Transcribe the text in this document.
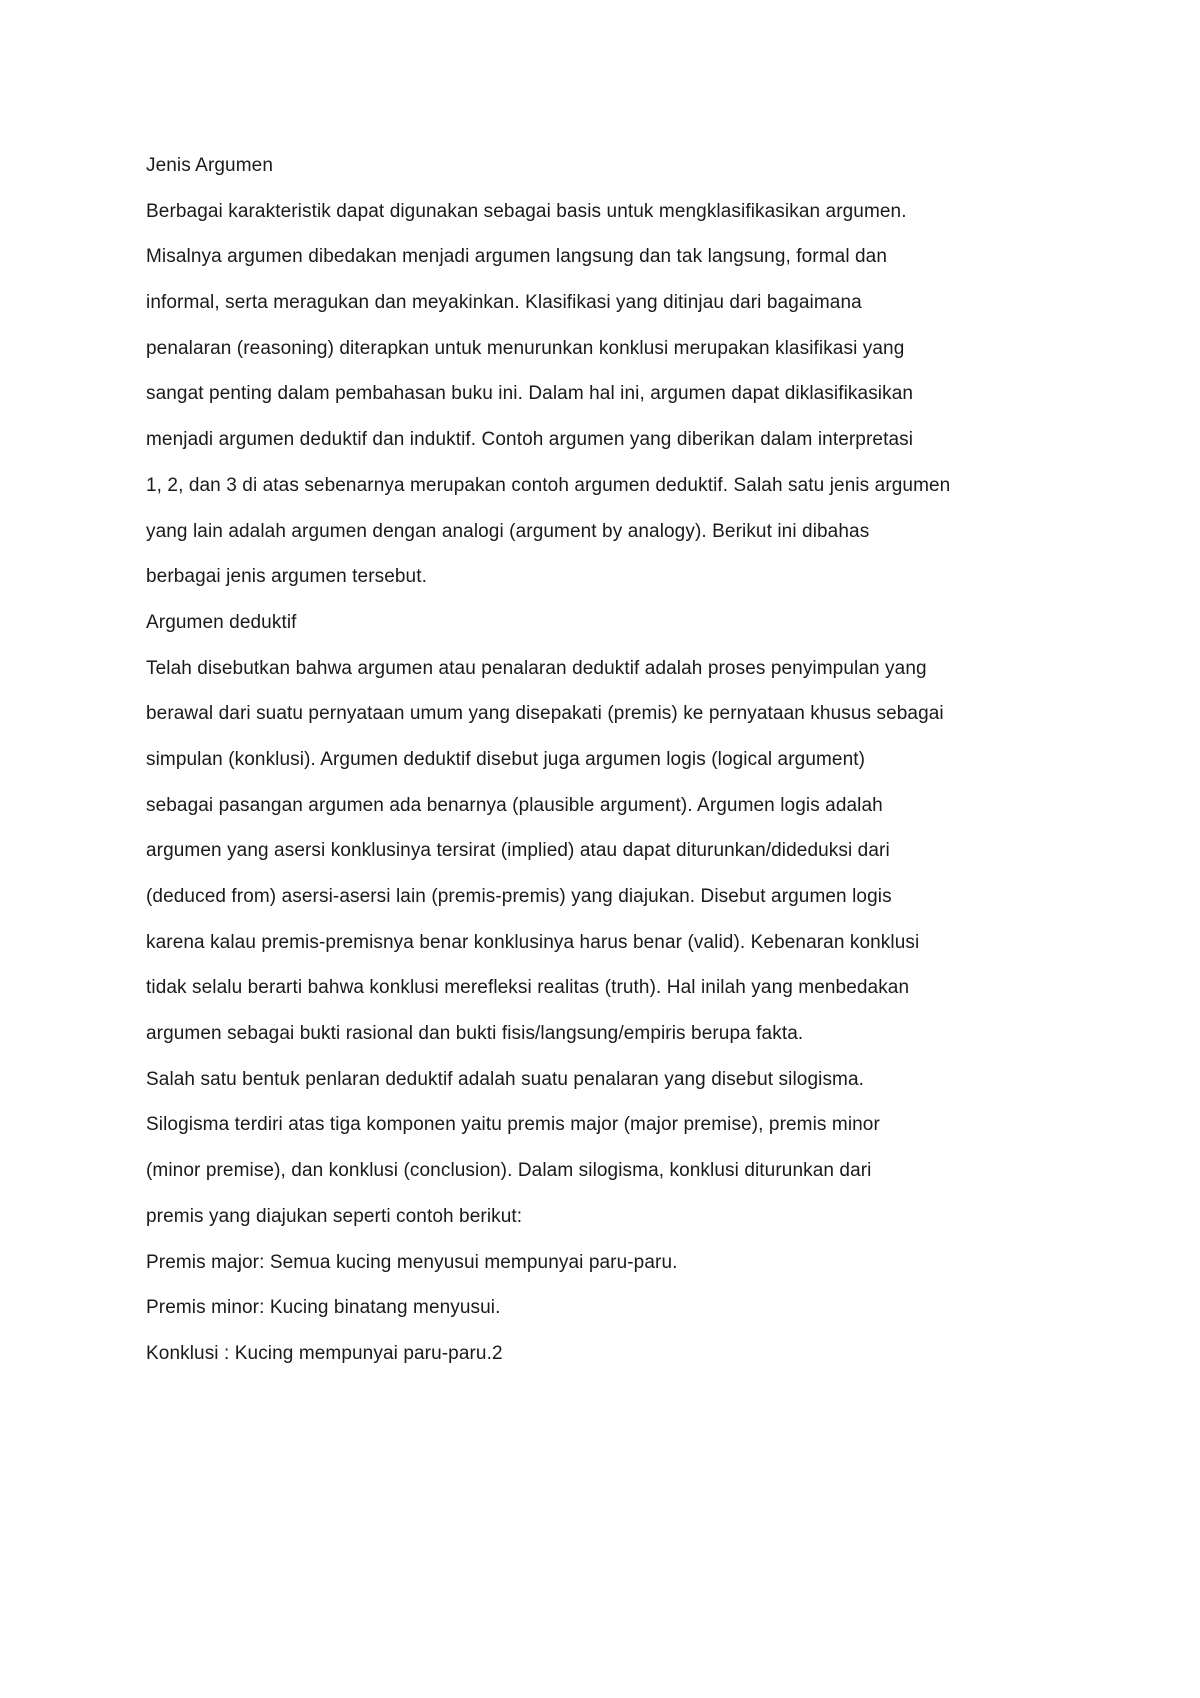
Jenis Argumen
Berbagai karakteristik dapat digunakan sebagai basis untuk mengklasifikasikan argumen.
Misalnya argumen dibedakan menjadi argumen langsung dan tak langsung, formal dan
informal, serta meragukan dan meyakinkan. Klasifikasi yang ditinjau dari bagaimana
penalaran (reasoning) diterapkan untuk menurunkan konklusi merupakan klasifikasi yang
sangat penting dalam pembahasan buku ini. Dalam hal ini, argumen dapat diklasifikasikan
menjadi argumen deduktif dan induktif. Contoh argumen yang diberikan dalam interpretasi
1, 2, dan 3 di atas sebenarnya merupakan contoh argumen deduktif. Salah satu jenis argumen
yang lain adalah argumen dengan analogi (argument by analogy). Berikut ini dibahas
berbagai jenis argumen tersebut.
Argumen deduktif
Telah disebutkan bahwa argumen atau penalaran deduktif adalah proses penyimpulan yang
berawal dari suatu pernyataan umum yang disepakati (premis) ke pernyataan khusus sebagai
simpulan (konklusi). Argumen deduktif disebut juga argumen logis (logical argument)
sebagai pasangan argumen ada benarnya (plausible argument). Argumen logis adalah
argumen yang asersi konklusinya tersirat (implied) atau dapat diturunkan/dideduksi dari
(deduced from) asersi-asersi lain (premis-premis) yang diajukan. Disebut argumen logis
karena kalau premis-premisnya benar konklusinya harus benar (valid). Kebenaran konklusi
tidak selalu berarti bahwa konklusi merefleksi realitas (truth). Hal inilah yang menbedakan
argumen sebagai bukti rasional dan bukti fisis/langsung/empiris berupa fakta.
Salah satu bentuk penlaran deduktif adalah suatu penalaran yang disebut silogisma.
Silogisma terdiri atas tiga komponen yaitu premis major (major premise), premis minor
(minor premise), dan konklusi (conclusion). Dalam silogisma, konklusi diturunkan dari
premis yang diajukan seperti contoh berikut:
Premis major: Semua kucing menyusui mempunyai paru-paru.
Premis minor: Kucing binatang menyusui.
Konklusi : Kucing mempunyai paru-paru.2
